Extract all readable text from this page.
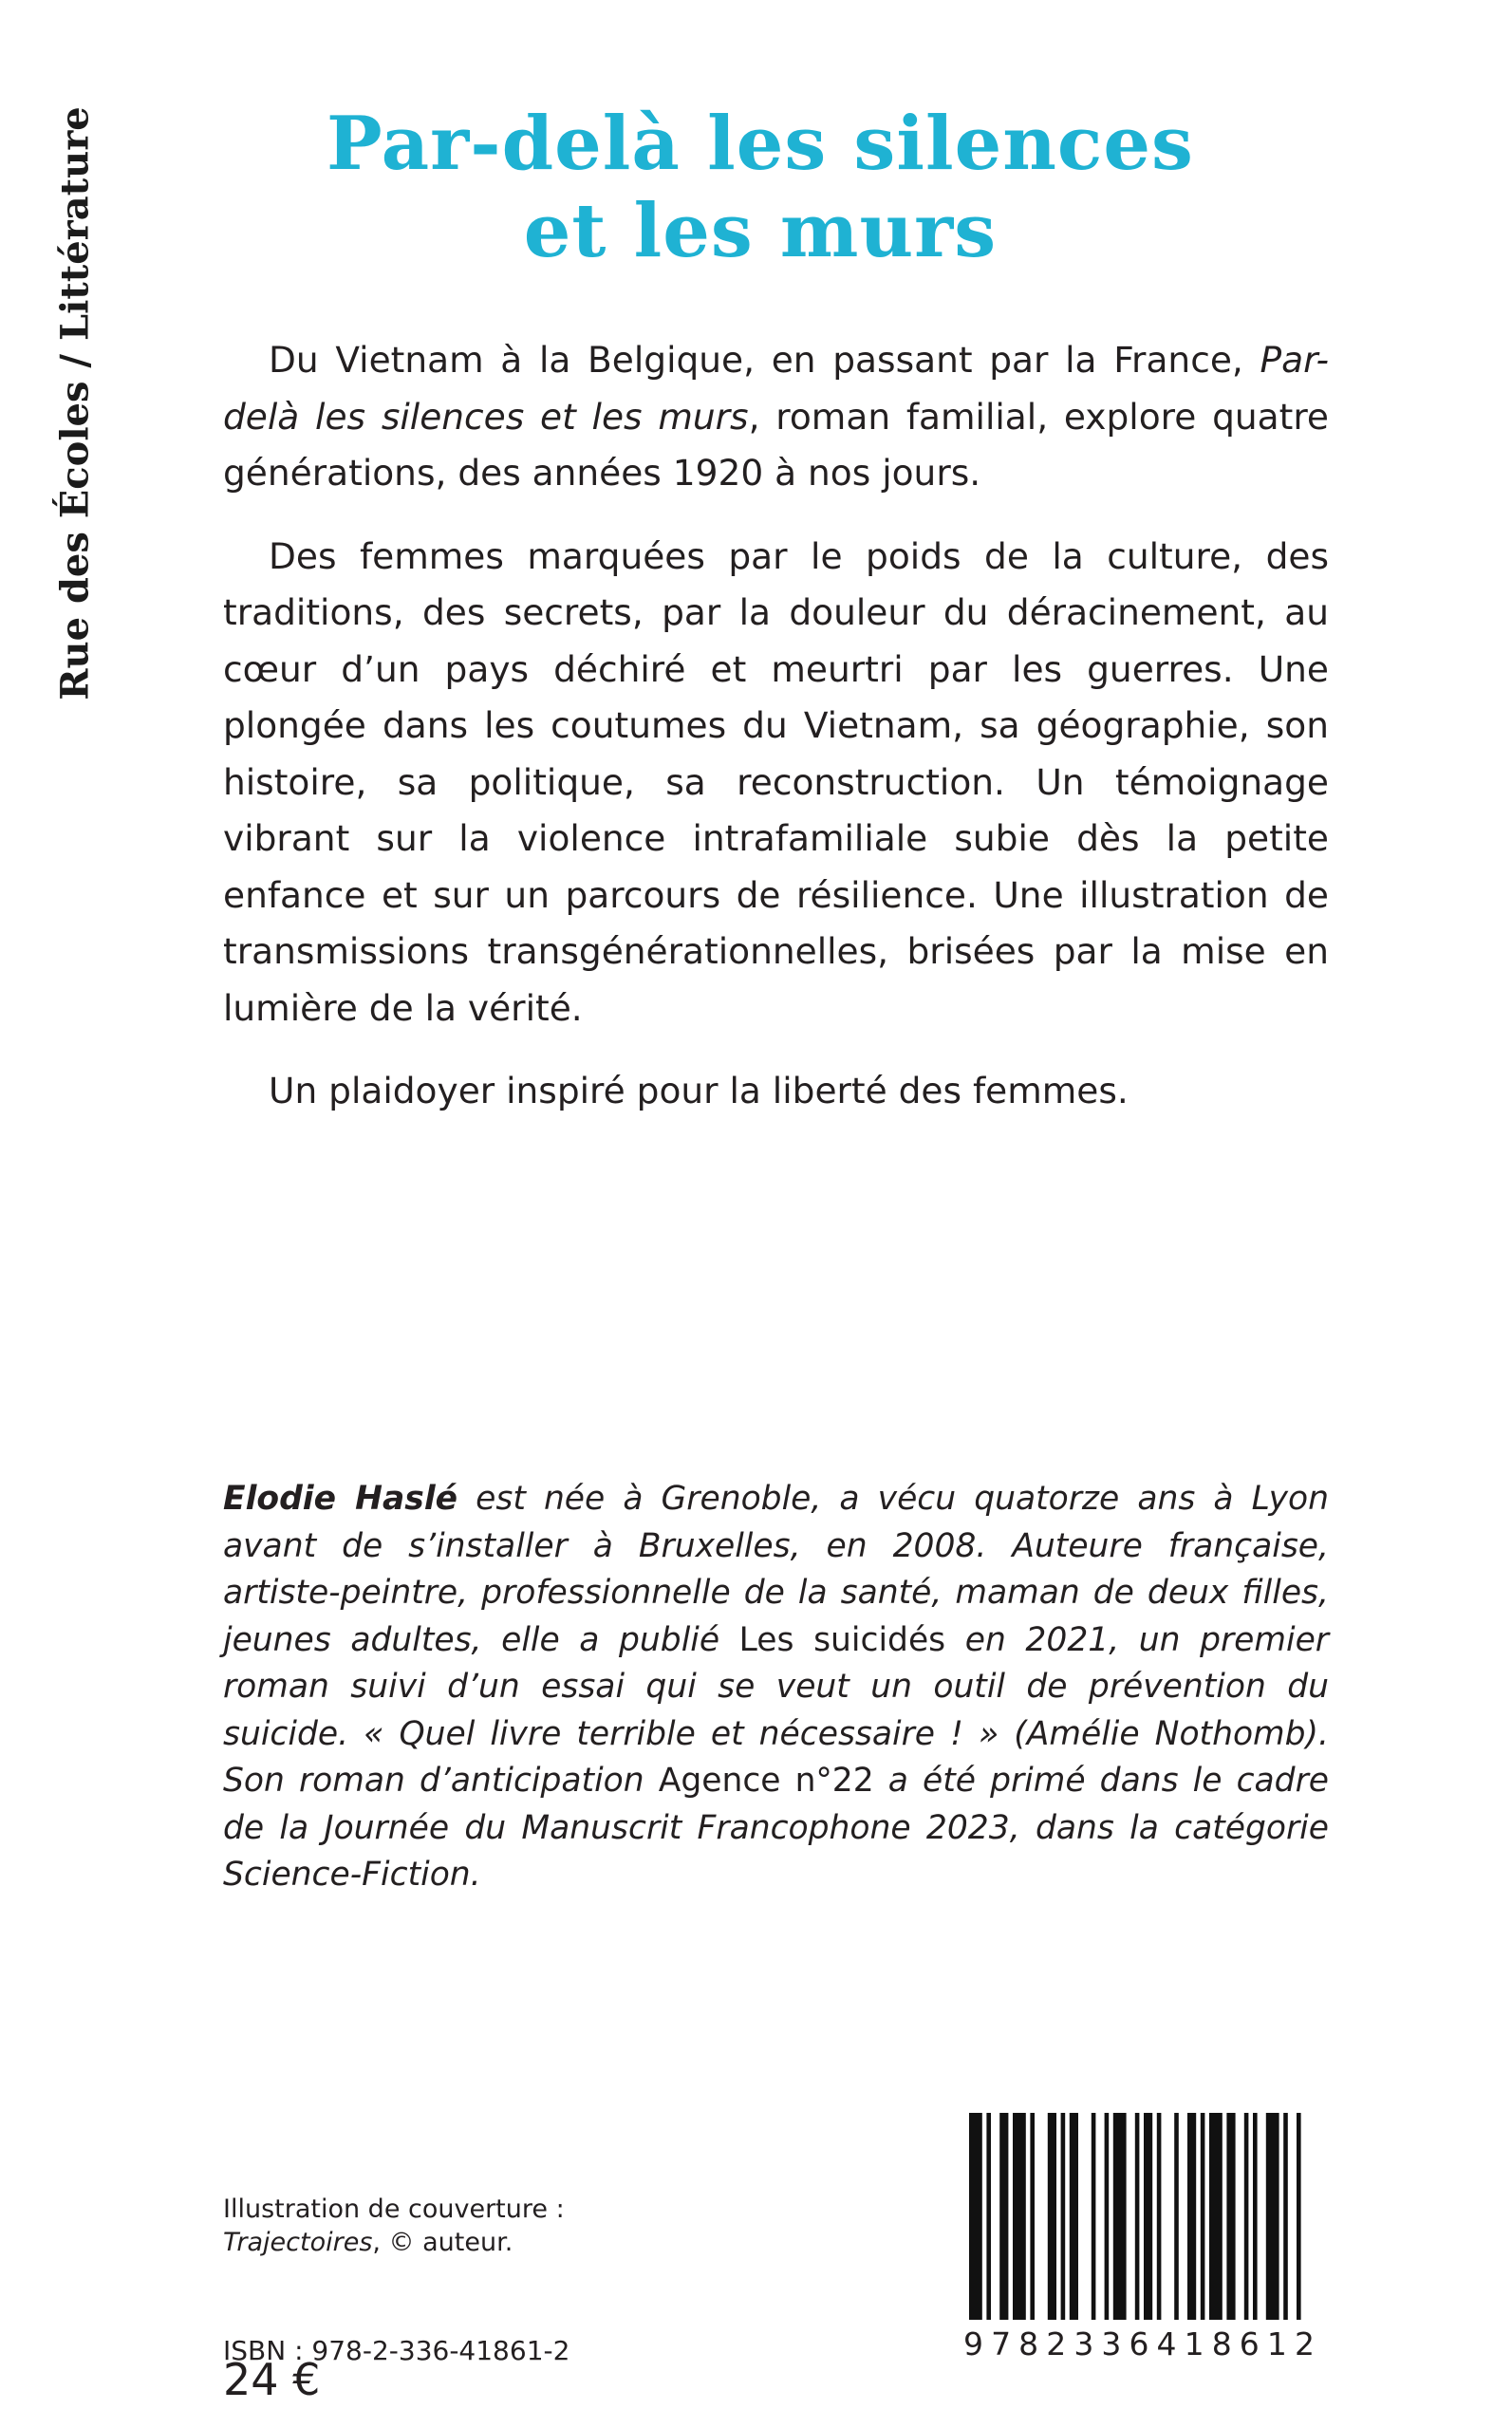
Rue des Écoles / Littérature	Par-delà les silences
et les murs

Du Vietnam à la Belgique, en passant par la France, Par-delà les silences et les murs, roman familial, explore quatre générations, des années 1920 à nos jours.

Des femmes marquées par le poids de la culture, des traditions, des secrets, par la douleur du déracinement, au cœur d’un pays déchiré et meurtri par les guerres. Une plongée dans les coutumes du Vietnam, sa géographie, son histoire, sa politique, sa reconstruction. Un témoignage vibrant sur la violence intrafamiliale subie dès la petite enfance et sur un parcours de résilience. Une illustration de transmissions transgénérationnelles, brisées par la mise en lumière de la vérité.

Un plaidoyer inspiré pour la liberté des femmes.

Elodie Haslé est née à Grenoble, a vécu quatorze ans à Lyon avant de s’installer à Bruxelles, en 2008. Auteure française, artiste-peintre, professionnelle de la santé, maman de deux filles, jeunes adultes, elle a publié Les suicidés en 2021, un premier roman suivi d’un essai qui se veut un outil de prévention du suicide. « Quel livre terrible et nécessaire ! » (Amélie Nothomb). Son roman d’anticipation Agence n°22 a été primé dans le cadre de la Journée du Manuscrit Francophone 2023, dans la catégorie Science-Fiction.
Illustration de couverture :
Trajectoires, © auteur.
ISBN : 978-2-336-41861-2
24 €
9 7 8 2 3 3 6 4 1 8 6 1 2
